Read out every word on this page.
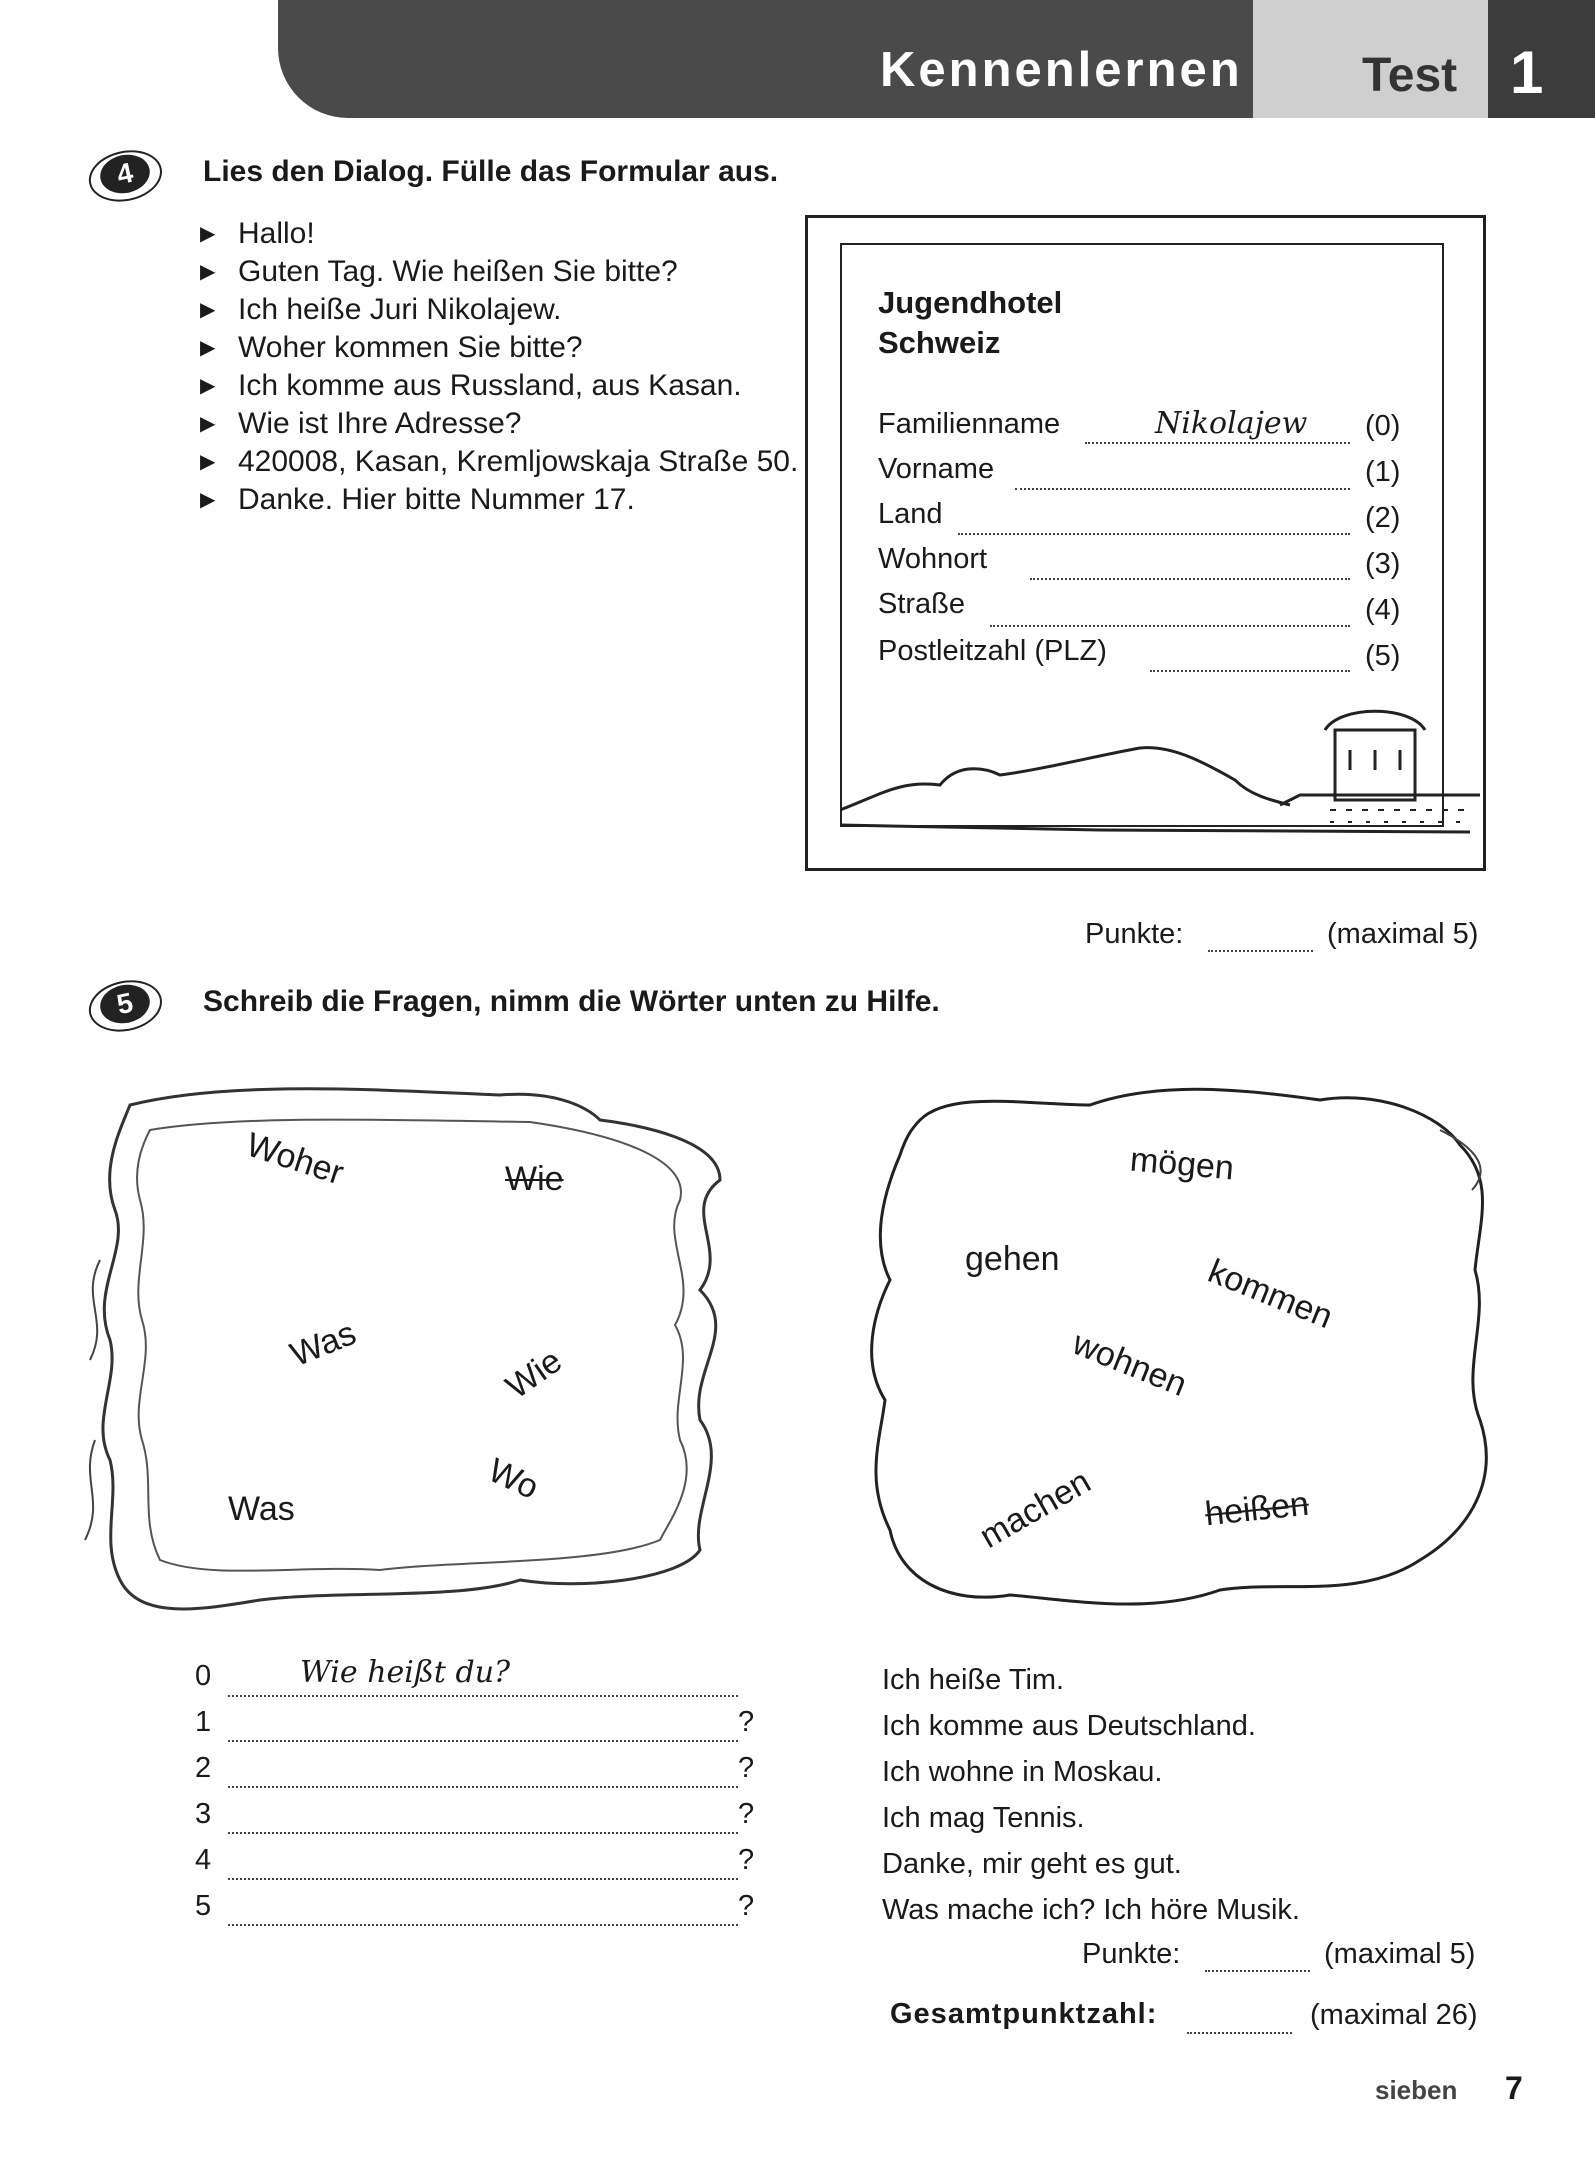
Kennenlernen Test 1
4	Lies den Dialog. Fülle das Formular aus.
▶ Hallo!
▶ Guten Tag. Wie heißen Sie bitte?
▶ Ich heiße Juri Nikolajew.
▶ Woher kommen Sie bitte?
▶ Ich komme aus Russland, aus Kasan.
▶ Wie ist Ihre Adresse?
▶ 420008, Kasan, Kremljowskaja Straße 50.
▶ Danke. Hier bitte Nummer 17.
Jugendhotel
Schweiz
Familienname	Nikolajew (0)
Vorname	(1)
Land	(2)
Wohnort	(3)
Straße	(4)
Postleitzahl (PLZ)	(5)
Punkte:	(maximal 5)
5	Schreib die Fragen, nimm die Wörter unten zu Hilfe.
Woher	Wie
Was	Wie
Wo
Was
mögen
gehen	kommen
wohnen
machen	heißen
0	Wie heißt du?
1	?
2	?
3	?
4	?
5	?
Ich heiße Tim.
Ich komme aus Deutschland.
Ich wohne in Moskau.
Ich mag Tennis.
Danke, mir geht es gut.
Was mache ich? Ich höre Musik.
Punkte:	(maximal 5)
Gesamtpunktzahl:	(maximal 26)
sieben 7
